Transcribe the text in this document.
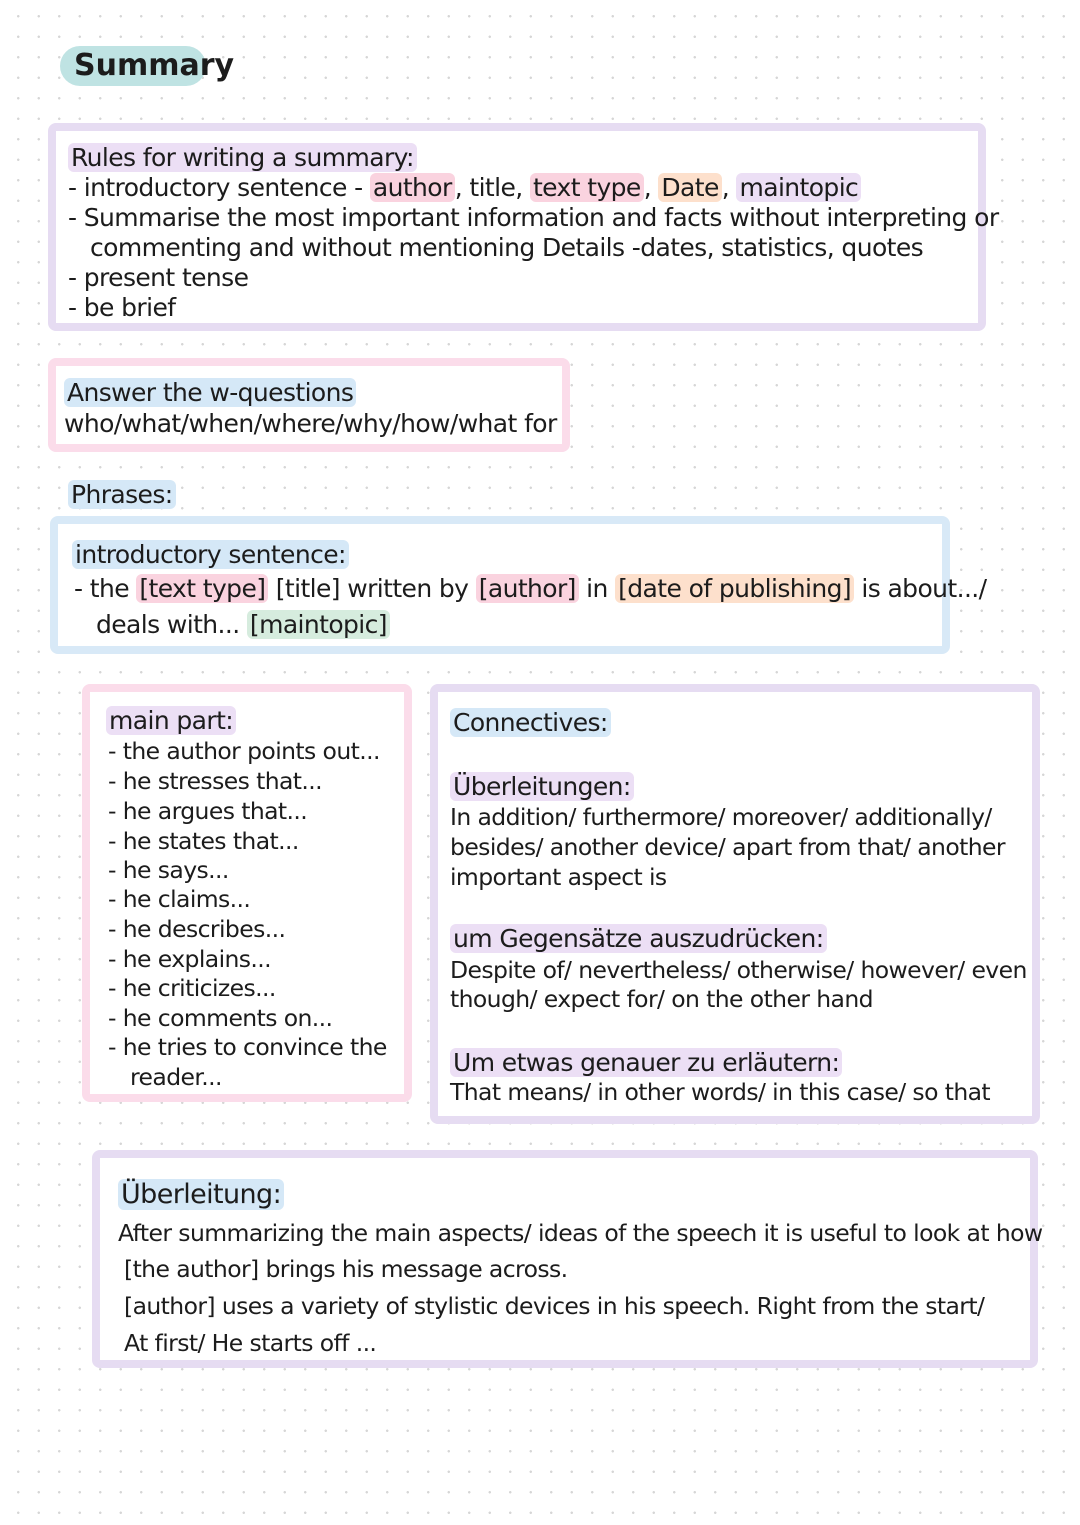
Summary
Rules for writing a summary:
- introductory sentence - author , title, text type , Date , maintopic
- Summarise the most important information and facts without interpreting or
commenting and without mentioning Details -dates, statistics, quotes
- present tense
- be brief
Answer the w-questions
who/what/when/where/why/how/what for
Phrases:
introductory sentence:
- the [text type] [title] written by [author] in [date of publishing] is about.../
deals with... [maintopic]
main part:
- the author points out...
- he stresses that...
- he argues that...
- he states that...
- he says...
- he claims...
- he describes...
- he explains...
- he criticizes...
- he comments on...
- he tries to convince the
reader...
Connectives:
Überleitungen:
In addition/ furthermore/ moreover/ additionally/
besides/ another device/ apart from that/ another
important aspect is
um Gegensätze auszudrücken:
Despite of/ nevertheless/ otherwise/ however/ even
though/ expect for/ on the other hand
Um etwas genauer zu erläutern:
That means/ in other words/ in this case/ so that
Überleitung:
After summarizing the main aspects/ ideas of the speech it is useful to look at how
[the author] brings his message across.
[author] uses a variety of stylistic devices in his speech. Right from the start/
At first/ He starts off ...
